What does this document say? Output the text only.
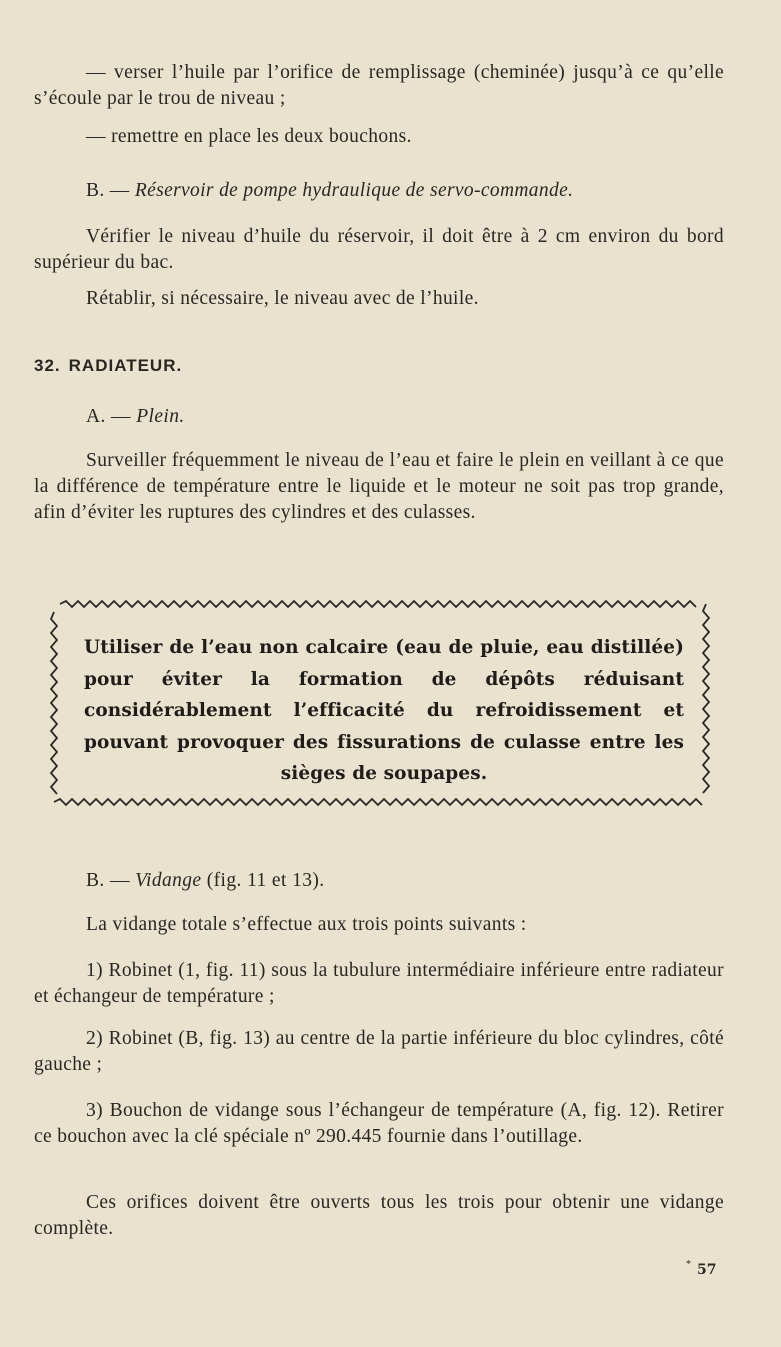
— verser l’huile par l’orifice de remplissage (cheminée) jusqu’à ce qu’elle s’écoule par le trou de niveau ;

— remettre en place les deux bouchons.

B. — Réservoir de pompe hydraulique de servo-commande.

Vérifier le niveau d’huile du réservoir, il doit être à 2 cm environ du bord supérieur du bac.

Rétablir, si nécessaire, le niveau avec de l’huile.

32. RADIATEUR.

A. — Plein.

Surveiller fréquemment le niveau de l’eau et faire le plein en veillant à ce que la différence de température entre le liquide et le moteur ne soit pas trop grande, afin d’éviter les ruptures des cylindres et des culasses.

Utiliser de l’eau non calcaire (eau de pluie, eau distillée) pour éviter la formation de dépôts réduisant considérablement l’efficacité du refroidissement et pouvant provoquer des fissurations de culasse entre les sièges de soupapes.

B. — Vidange (fig. 11 et 13).

La vidange totale s’effectue aux trois points suivants :

1) Robinet (1, fig. 11) sous la tubulure intermédiaire inférieure entre radiateur et échangeur de température ;

2) Robinet (B, fig. 13) au centre de la partie inférieure du bloc cylindres, côté gauche ;

3) Bouchon de vidange sous l’échangeur de température (A, fig. 12). Retirer ce bouchon avec la clé spéciale nº 290.445 fournie dans l’outillage.

Ces orifices doivent être ouverts tous les trois pour obtenir une vidange complète.

* 57
